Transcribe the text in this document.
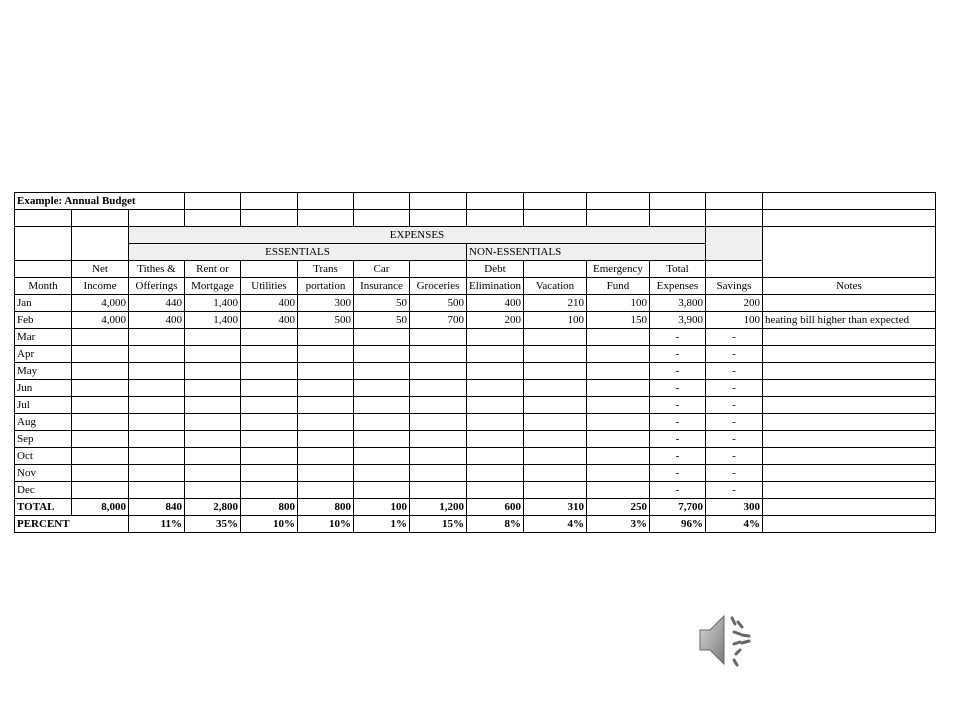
Example: Annual Budget													

		EXPENSES											
		ESSENTIALS						NON-ESSENTIALS					
	Net	Tithes &	Rent or		Trans	Car		Debt		Emergency	Total		
Month	Income	Offerings	Mortgage	Utilities	portation	Insurance	Groceries	Elimination	Vacation	Fund	Expenses	Savings	Notes
Jan	4,000	440	1,400	400	300	50	500	400	210	100	3,800	200	
Feb	4,000	400	1,400	400	500	50	700	200	100	150	3,900	100	heating bill higher than expected
Mar											-	-	
Apr											-	-	
May											-	-	
Jun											-	-	
Jul											-	-	
Aug											-	-	
Sep											-	-	
Oct											-	-	
Nov											-	-	
Dec											-	-	
TOTAL	8,000	840	2,800	800	800	100	1,200	600	310	250	7,700	300	
PERCENT		11%	35%	10%	10%	1%	15%	8%	4%	3%	96%	4%	
